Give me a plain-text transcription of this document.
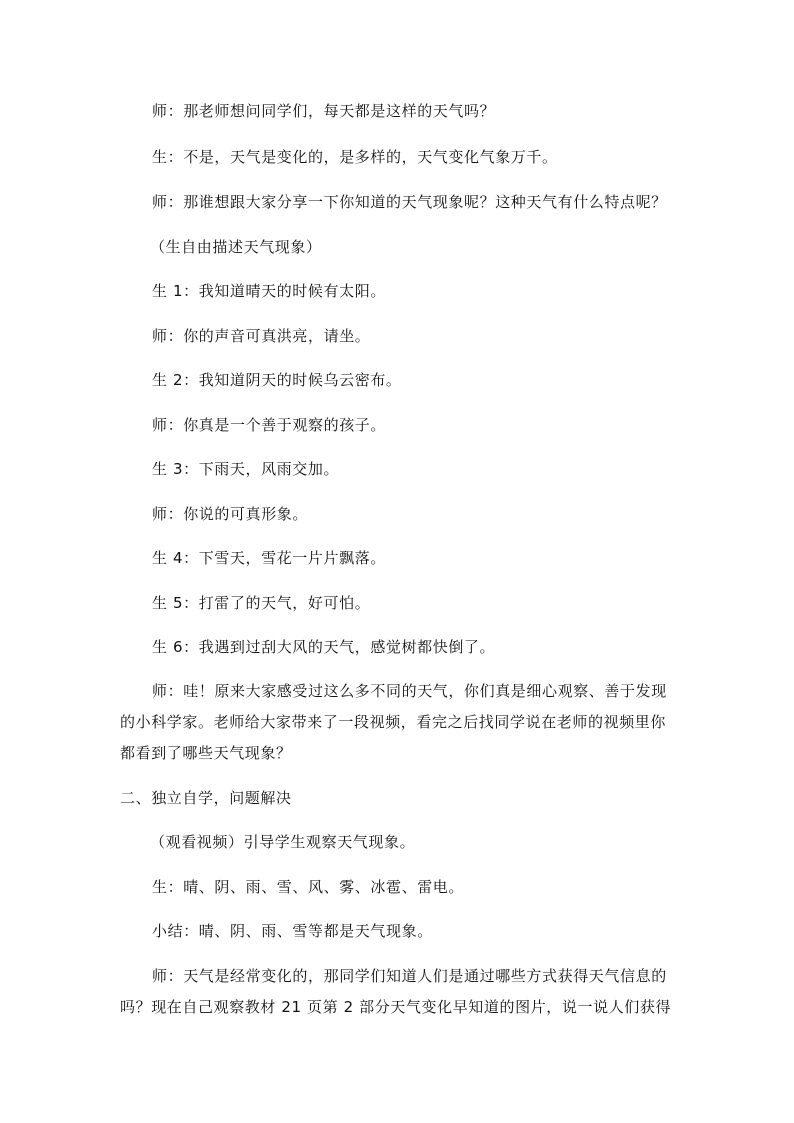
师：那老师想问同学们，每天都是这样的天气吗？
生：不是，天气是变化的，是多样的，天气变化气象万千。
师：那谁想跟大家分享一下你知道的天气现象呢？这种天气有什么特点呢？
（生自由描述天气现象）
生 1：我知道晴天的时候有太阳。
师：你的声音可真洪亮，请坐。
生 2：我知道阴天的时候乌云密布。
师：你真是一个善于观察的孩子。
生 3：下雨天，风雨交加。
师：你说的可真形象。
生 4：下雪天，雪花一片片飘落。
生 5：打雷了的天气，好可怕。
生 6：我遇到过刮大风的天气，感觉树都快倒了。
师：哇！原来大家感受过这么多不同的天气，你们真是细心观察、善于发现
的小科学家。老师给大家带来了一段视频，看完之后找同学说在老师的视频里你
都看到了哪些天气现象？
二、独立自学，问题解决
（观看视频）引导学生观察天气现象。
生：晴、阴、雨、雪、风、雾、冰雹、雷电。
小结：晴、阴、雨、雪等都是天气现象。
师：天气是经常变化的，那同学们知道人们是通过哪些方式获得天气信息的
吗？现在自己观察教材 21 页第 2 部分天气变化早知道的图片，说一说人们获得
